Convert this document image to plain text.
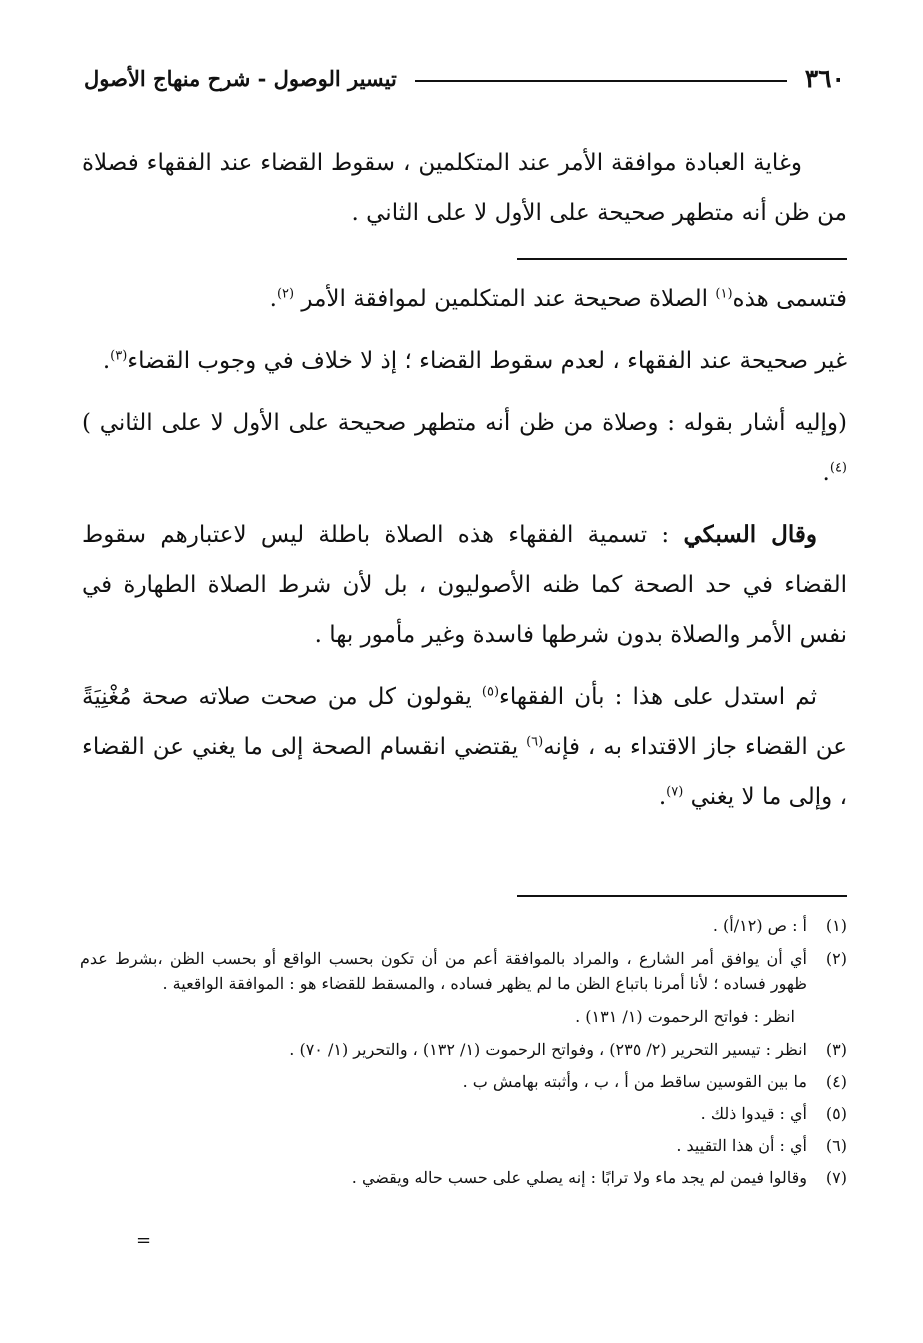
٣٦٠
تيسير الوصول - شرح منهاج الأصول

وغاية العبادة موافقة الأمر عند المتكلمين ، سقوط القضاء عند الفقهاء فصلاة من ظن أنه متطهر صحيحة على الأول لا على الثاني .

فتسمى هذه$^{(١)}$ الصلاة صحيحة عند المتكلمين لموافقة الأمر $^{(٢)}$.

غير صحيحة عند الفقهاء ، لعدم سقوط القضاء ؛ إذ لا خلاف في وجوب القضاء$^{(٣)}$.

(وإليه أشار بقوله : وصلاة من ظن أنه متطهر صحيحة على الأول لا على الثاني )$^{(٤)}$.

وقال السبكي : تسمية الفقهاء هذه الصلاة باطلة ليس لاعتبارهم سقوط القضاء في حد الصحة كما ظنه الأصوليون ، بل لأن شرط الصلاة الطهارة في نفس الأمر والصلاة بدون شرطها فاسدة وغير مأمور بها .

ثم استدل على هذا : بأن الفقهاء$^{(٥)}$ يقولون كل من صحت صلاته صحة مُغْنِيَةً عن القضاء جاز الاقتداء به ، فإنه$^{(٦)}$ يقتضي انقسام الصحة إلى ما يغني عن القضاء ، وإلى ما لا يغني $^{(٧)}$.

(١)
أ : ص (١٢/أ) .
(٢)
أي أن يوافق أمر الشارع ، والمراد بالموافقة أعم من أن تكون بحسب الواقع أو بحسب الظن ،بشرط عدم ظهور فساده ؛ لأنا أمرنا باتباع الظن ما لم يظهر فساده ، والمسقط للقضاء هو : الموافقة الواقعية .
انظر : فواتح الرحموت (١/ ١٣١) .
(٣)
انظر : تيسير التحرير (٢/ ٢٣٥) ، وفواتح الرحموت (١/ ١٣٢) ، والتحرير (١/ ٧٠) .
(٤)
ما بين القوسين ساقط من أ ، ب ، وأثبته بهامش ب .
(٥)
أي : قيدوا ذلك .
(٦)
أي : أن هذا التقييد .
(٧)
وقالوا فيمن لم يجد ماء ولا ترابًا : إنه يصلي على حسب حاله ويقضي .
=
